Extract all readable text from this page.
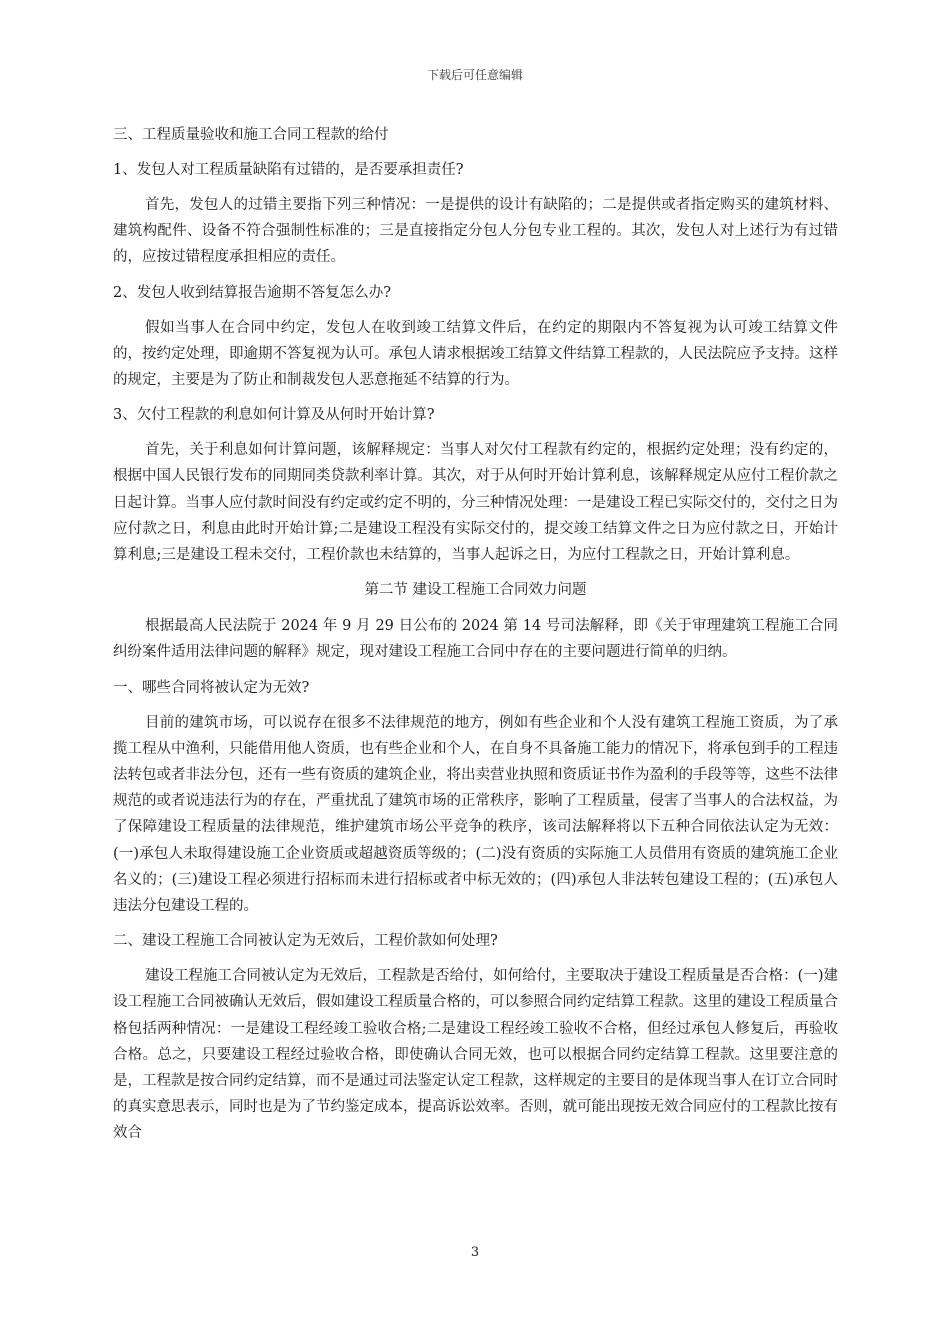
下载后可任意编辑
三、工程质量验收和施工合同工程款的给付
1、发包人对工程质量缺陷有过错的，是否要承担责任?
首先，发包人的过错主要指下列三种情况：一是提供的设计有缺陷的；二是提供或者指定购买的建筑材料、建筑构配件、设备不符合强制性标准的；三是直接指定分包人分包专业工程的。其次，发包人对上述行为有过错的，应按过错程度承担相应的责任。
2、发包人收到结算报告逾期不答复怎么办?
假如当事人在合同中约定，发包人在收到竣工结算文件后，在约定的期限内不答复视为认可竣工结算文件的，按约定处理，即逾期不答复视为认可。承包人请求根据竣工结算文件结算工程款的，人民法院应予支持。这样的规定，主要是为了防止和制裁发包人恶意拖延不结算的行为。
3、欠付工程款的利息如何计算及从何时开始计算?
首先，关于利息如何计算问题，该解释规定：当事人对欠付工程款有约定的，根据约定处理；没有约定的，根据中国人民银行发布的同期同类贷款利率计算。其次，对于从何时开始计算利息，该解释规定从应付工程价款之日起计算。当事人应付款时间没有约定或约定不明的，分三种情况处理：一是建设工程已实际交付的，交付之日为应付款之日，利息由此时开始计算;二是建设工程没有实际交付的，提交竣工结算文件之日为应付款之日，开始计算利息;三是建设工程未交付，工程价款也未结算的，当事人起诉之日，为应付工程款之日，开始计算利息。
第二节 建设工程施工合同效力问题
根据最高人民法院于 2024 年 9 月 29 日公布的 2024 第 14 号司法解释，即《关于审理建筑工程施工合同纠纷案件适用法律问题的解释》规定，现对建设工程施工合同中存在的主要问题进行简单的归纳。
一、哪些合同将被认定为无效?
目前的建筑市场，可以说存在很多不法律规范的地方，例如有些企业和个人没有建筑工程施工资质，为了承揽工程从中渔利，只能借用他人资质，也有些企业和个人，在自身不具备施工能力的情况下，将承包到手的工程违法转包或者非法分包，还有一些有资质的建筑企业，将出卖营业执照和资质证书作为盈利的手段等等，这些不法律规范的或者说违法行为的存在，严重扰乱了建筑市场的正常秩序，影响了工程质量，侵害了当事人的合法权益，为了保障建设工程质量的法律规范，维护建筑市场公平竞争的秩序，该司法解释将以下五种合同依法认定为无效：(一)承包人未取得建设施工企业资质或超越资质等级的；(二)没有资质的实际施工人员借用有资质的建筑施工企业名义的；(三)建设工程必须进行招标而未进行招标或者中标无效的；(四)承包人非法转包建设工程的；(五)承包人违法分包建设工程的。
二、建设工程施工合同被认定为无效后，工程价款如何处理?
建设工程施工合同被认定为无效后，工程款是否给付，如何给付，主要取决于建设工程质量是否合格：(一)建设工程施工合同被确认无效后，假如建设工程质量合格的，可以参照合同约定结算工程款。这里的建设工程质量合格包括两种情况：一是建设工程经竣工验收合格;二是建设工程经竣工验收不合格，但经过承包人修复后，再验收合格。总之，只要建设工程经过验收合格，即使确认合同无效，也可以根据合同约定结算工程款。这里要注意的是，工程款是按合同约定结算，而不是通过司法鉴定认定工程款，这样规定的主要目的是体现当事人在订立合同时的真实意思表示，同时也是为了节约鉴定成本，提高诉讼效率。否则，就可能出现按无效合同应付的工程款比按有效合
3
